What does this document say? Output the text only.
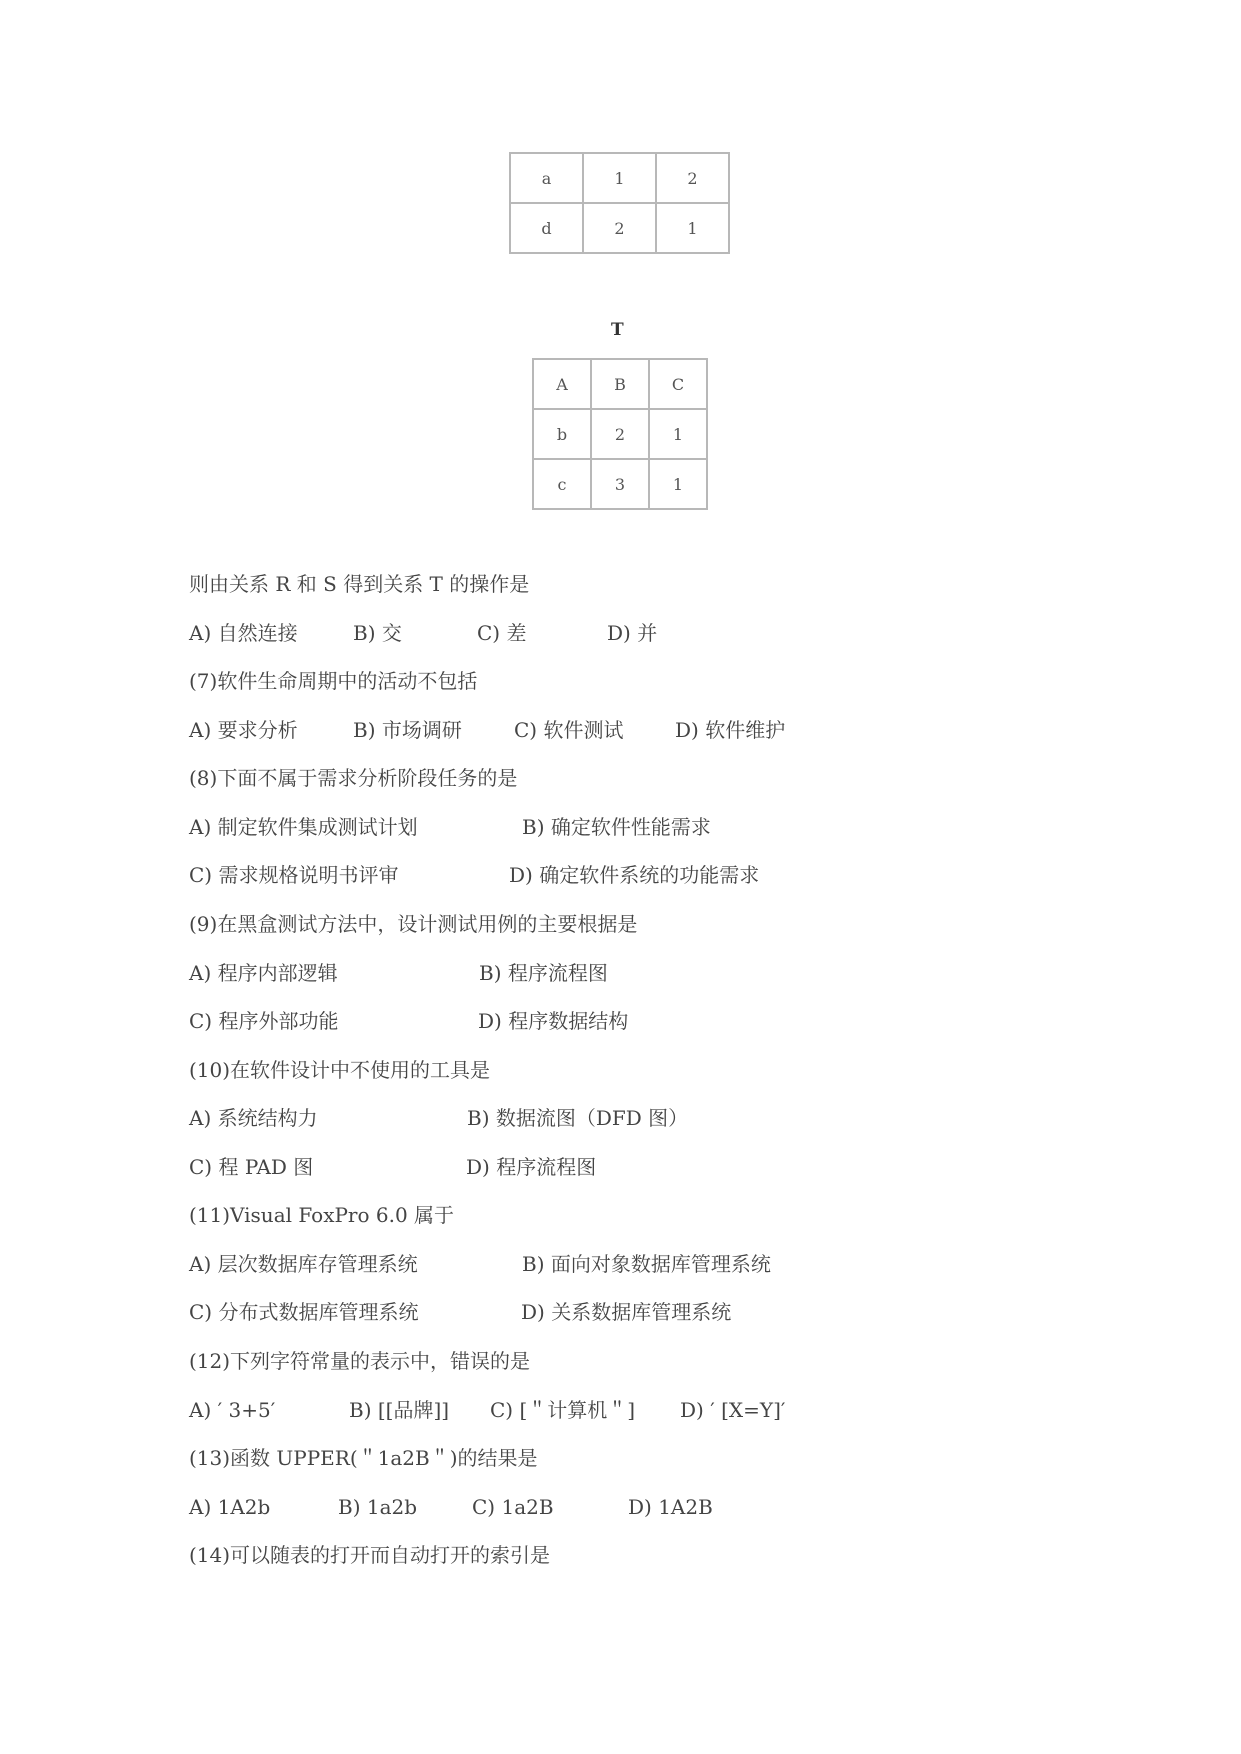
a	1	2
d	2	1
T
A	B	C
b	2	1
c	3	1
则由关系 R 和 S 得到关系 T 的操作是
A) 自然连接	B) 交	C) 差	D) 并
(7)软件生命周期中的活动不包括
A) 要求分析	B) 市场调研	C) 软件测试	D) 软件维护
(8)下面不属于需求分析阶段任务的是
A) 制定软件集成测试计划	B) 确定软件性能需求
C) 需求规格说明书评审	D) 确定软件系统的功能需求
(9)在黑盒测试方法中，设计测试用例的主要根据是
A) 程序内部逻辑	B) 程序流程图
C) 程序外部功能	D) 程序数据结构
(10)在软件设计中不使用的工具是
A) 系统结构力	B) 数据流图（DFD 图）
C) 程 PAD 图	D) 程序流程图
(11)Visual FoxPro 6.0 属于
A) 层次数据库存管理系统	B) 面向对象数据库管理系统
C) 分布式数据库管理系统	D) 关系数据库管理系统
(12)下列字符常量的表示中，错误的是
A) ′ 3+5′	B) [[品牌]] C) [＂计算机＂] D) ′ [X=Y]′
(13)函数 UPPER(＂1a2B＂)的结果是
A) 1A2b	B) 1a2b	C) 1a2B	D) 1A2B
(14)可以随表的打开而自动打开的索引是
